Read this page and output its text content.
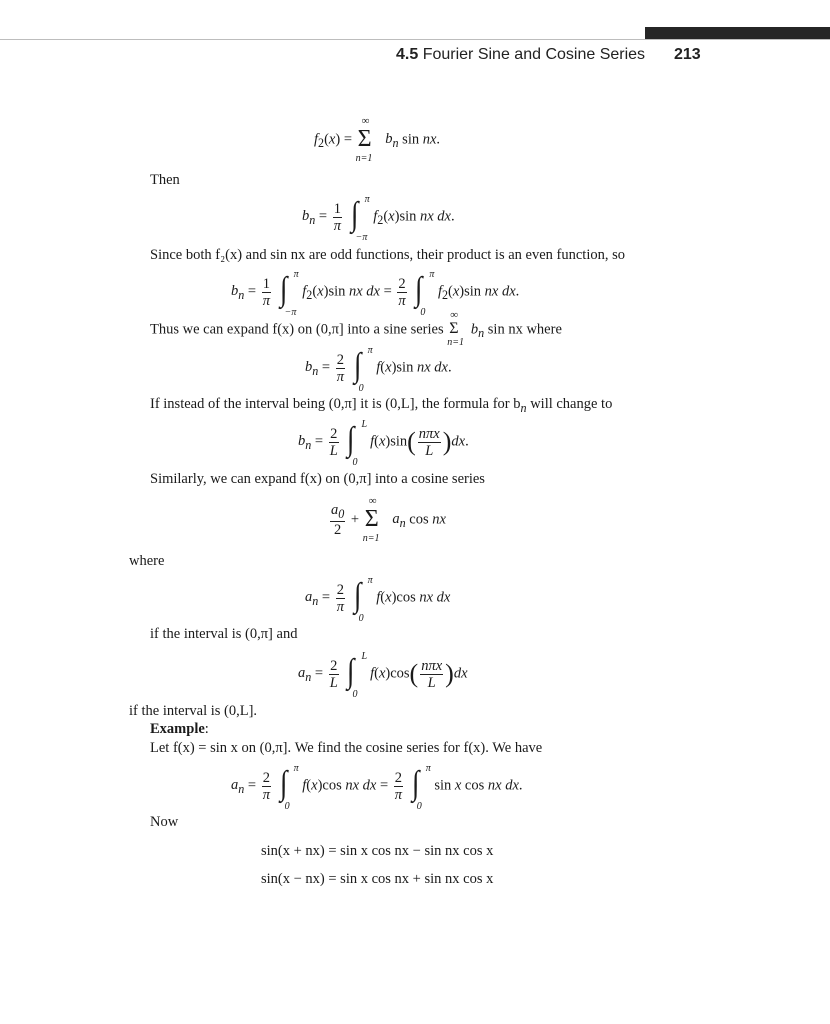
4.5 Fourier Sine and Cosine Series 213
$f_2(x)$ =
∞
Σ
n=1
$b_n$ sin nx.
Then
$b_n = \frac{1}{\pi}$
∫ π
−π
$f_2(x)\sin$ nx dx.
Since both f₂(x) and sin nx are odd functions, their product is an even function, so
$b_n = \frac{1}{\pi}$
∫ π
−π
$f_2(x)\sin$ nx dx = $\frac{2}{\pi}$
∫ π
0
$f_2(x)\sin$ nx dx.
Thus we can expand f(x) on (0,π] into a sine series
∞
Σ
n=1
$b_n$ sin nx where
$b_n = \frac{2}{\pi}$
∫ π
0
f(x)sin nx dx.
If instead of the interval being (0,π] it is (0,L], the formula for $b_n$ will change to
$b_n = \frac{2}{L}$
∫ L
0
$f(x)\sin( \frac{\text{nπx}}{L} )dx$.
Similarly, we can expand f(x) on (0,π] into a cosine series
$\frac{a_0}{2}$ +
∞
Σ
n=1
$a_n$ cos nx
where
$a_n = \frac{2}{\pi}$
∫ π
0
f(x)cos nx dx
if the interval is (0,π] and
$a_n = \frac{2}{L}$
∫ L
0
$f(x)\cos( \frac{\text{nπx}}{L} )dx$
if the interval is (0,L].
Example:
Let f(x) = sin x on (0,π]. We find the cosine series for f(x). We have
$a_n = \frac{2}{\pi}$
∫ π
0
f(x)cos nx dx = $\frac{2}{\pi}$
∫ π
0
sin x cos nx dx.
Now
sin(x + nx) = sin x cos nx − sin nx cos x
sin(x − nx) = sin x cos nx + sin nx cos x
